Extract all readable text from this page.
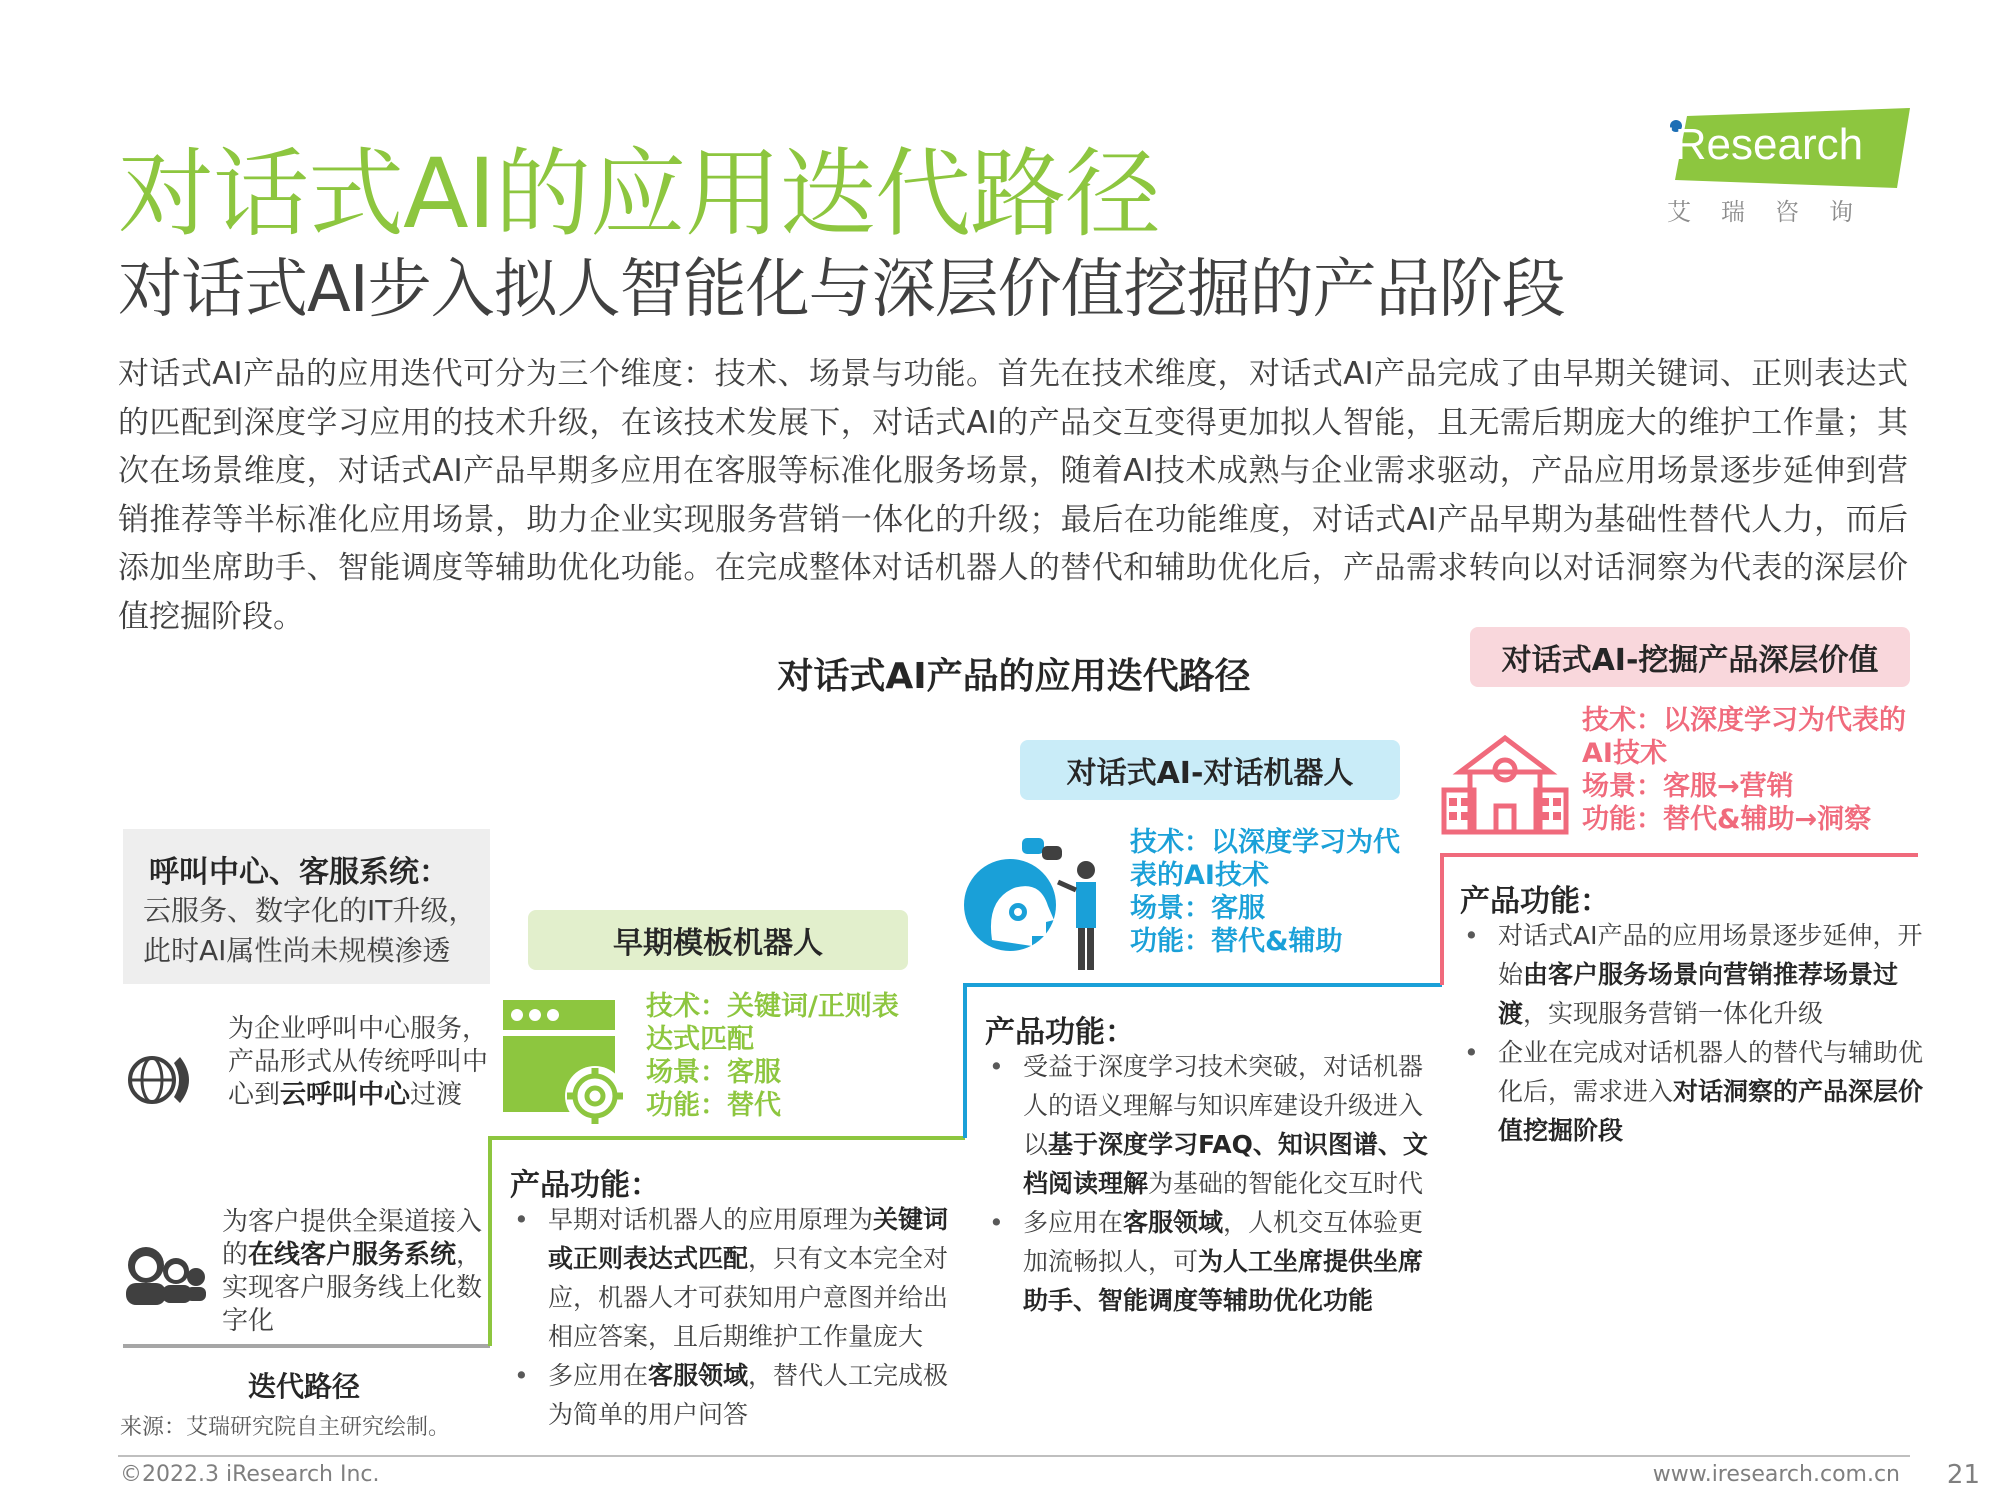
对话式AI的应用迭代路径
对话式AI步入拟人智能化与深层价值挖掘的产品阶段
iResearch
艾瑞咨询

对话式AI产品的应用迭代可分为三个维度：技术、场景与功能。首先在技术维度，对话式AI产品完成了由早期关键词、正则表达式的匹配到深度学习应用的技术升级，在该技术发展下，对话式AI的产品交互变得更加拟人智能，且无需后期庞大的维护工作量；其次在场景维度，对话式AI产品早期多应用在客服等标准化服务场景，随着AI技术成熟与企业需求驱动，产品应用场景逐步延伸到营销推荐等半标准化应用场景，助力企业实现服务营销一体化的升级；最后在功能维度，对话式AI产品早期为基础性替代人力，而后添加坐席助手、智能调度等辅助优化功能。在完成整体对话机器人的替代和辅助优化后，产品需求转向以对话洞察为代表的深层价值挖掘阶段。

对话式AI产品的应用迭代路径
呼叫中心、客服系统：
云服务、数字化的IT升级，
此时AI属性尚未规模渗透
为企业呼叫中心服务，产品形式从传统呼叫中心到云呼叫中心过渡
为客户提供全渠道接入的在线客户服务系统，实现客户服务线上化数字化
迭代路径
来源：艾瑞研究院自主研究绘制。
早期模板机器人
技术：关键词/正则表
达式匹配
场景：客服
功能：替代
产品功能：
• 早期对话机器人的应用原理为关键词或正则表达式匹配，只有文本完全对应，机器人才可获知用户意图并给出相应答案，且后期维护工作量庞大
• 多应用在客服领域，替代人工完成极为简单的用户问答
对话式AI-对话机器人
技术：以深度学习为代
表的AI技术
场景：客服
功能：替代&辅助
产品功能：
• 受益于深度学习技术突破，对话机器人的语义理解与知识库建设升级进入以基于深度学习FAQ、知识图谱、文档阅读理解为基础的智能化交互时代
• 多应用在客服领域，人机交互体验更加流畅拟人，可为人工坐席提供坐席助手、智能调度等辅助优化功能
对话式AI-挖掘产品深层价值
技术：以深度学习为代表的
AI技术
场景：客服→营销
功能：替代&辅助→洞察
产品功能：
• 对话式AI产品的应用场景逐步延伸，开始由客户服务场景向营销推荐场景过渡，实现服务营销一体化升级
• 企业在完成对话机器人的替代与辅助优化后，需求进入对话洞察的产品深层价值挖掘阶段
©2022.3 iResearch Inc.	www.iresearch.com.cn 21
